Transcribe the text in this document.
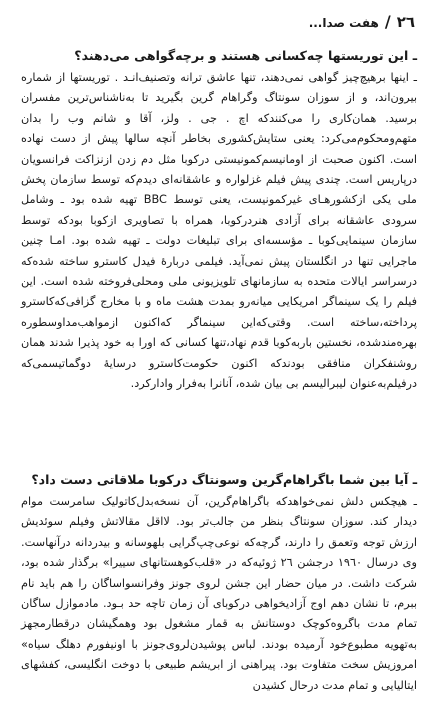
٢٦
/
هفت صدا...

ـ این توریستها چه‌کسانی هستند و برچه‌گواهی می‌دهند؟

ـ اینها برهیچ‌چیز گواهی نمی‌دهند، تنها عاشق ترانه وتصنیف‌انـد . توریستها از شماره بیرون‌اند، و از سوزان سونتاگ وگراهام گرین بگیرید تا به‌ناشناس‌ترین مفسران برسید. همان‌کاری را می‌کنندکه اچ . جی . ولز، آقا و شانم وب را بدان متهم‌ومحکوم‌می‌کرد: یعنی ستایش‌کشوری بخاطر آنچه سالها پیش از دست نهاده است. اکنون صحبت از اومانیسم‌کمونیستی درکوبا مثل دم زدن ازنزاکت فرانسویان درپاریس است. چندی پیش فیلم غزلواره و عاشقانه‌ای دیدم‌که توسط سازمان پخش ملی یکی ازکشورهـای غیرکمونیست، یعنی توسط BBC تهیه شده بود ـ وشامل سرودی عاشقانه برای آزادی هنردرکوبا، همراه با تصاویری ازکوبا بودکه توسط سازمان سینمایی‌کوبا ـ مؤسسه‌ای برای تبلیغات دولت ـ تهیه شده بود. امـا چنین ماجرایی تنها در انگلستان پیش نمی‌آید. فیلمی دربارهٔ فیدل کاسترو ساخته شده‌که درسراسر ایالات متحده به سازمانهای تلویزیونی ملی ومحلی‌فروخته شده است. این فیلم را یک سینماگر امریکایی میانه‌رو بمدت هشت ماه و با مخارج گزافی‌که‌کاسترو پرداخته،ساخته است. وقتی‌که‌این سینماگر که‌اکنون ازمواهب‌مداوسطوره بهره‌مندشده، نخستین باربه‌کوبا قدم نهاد،تنها کسانی که اورا به خود پذیرا شدند همان روشنفکران منافقی بودندکه اکنون حکومت‌کاسترو درسایهٔ دوگماتیسمی‌که درفیلم‌به‌عنوان لیبرالیسم بی بیان شده، آنانرا به‌فرار وادارکرد.

ـ آیا بین شما باگراهام‌گرین وسونتاگ درکوبا ملاقاتی دست داد؟

ـ هیچکس دلش نمی‌خواهدکه باگراهام‌گرین، آن نسخه‌بدل‌کاتولیک سامرست موام دیدار کند. سوزان سونتاگ بنظر من جالب‌تر بود. لااقل مقالاتش وفیلم سوئدیش ارزش توجه وتعمق را دارند، گرچه‌که نوعی‌چپ‌گرایی بلهوسانه و بیدردانه درآنهاست. وی درسال ١٩٦٠ درجشن ٢٦ ژوئیه‌که در «قلب‌کوهستانهای سییرا» برگذار شده بود، شرکت داشت. در میان حضار این جشن لروی جونز وفرانسواساگان را هم باید نام ببرم، تا نشان دهم اوج آزادیخواهی درکوبای آن زمان تاچه حد بـود. مادموازل ساگان تمام مدت باگروه‌کوچک دوستانش به قمار مشغول بود وهمگیشان درقطارمجهز به‌تهویه مطبوع‌خود آرمیده بودند. لباس پوشیدن‌لروی‌جونز با اونیفورم دهلگ سیاه» امروزیش سخت متفاوت بود. پیراهنی از ابریشم طبیعی با دوخت انگلیسی، کفشهای ایتالیایی و تمام مدت درحال کشیدن
